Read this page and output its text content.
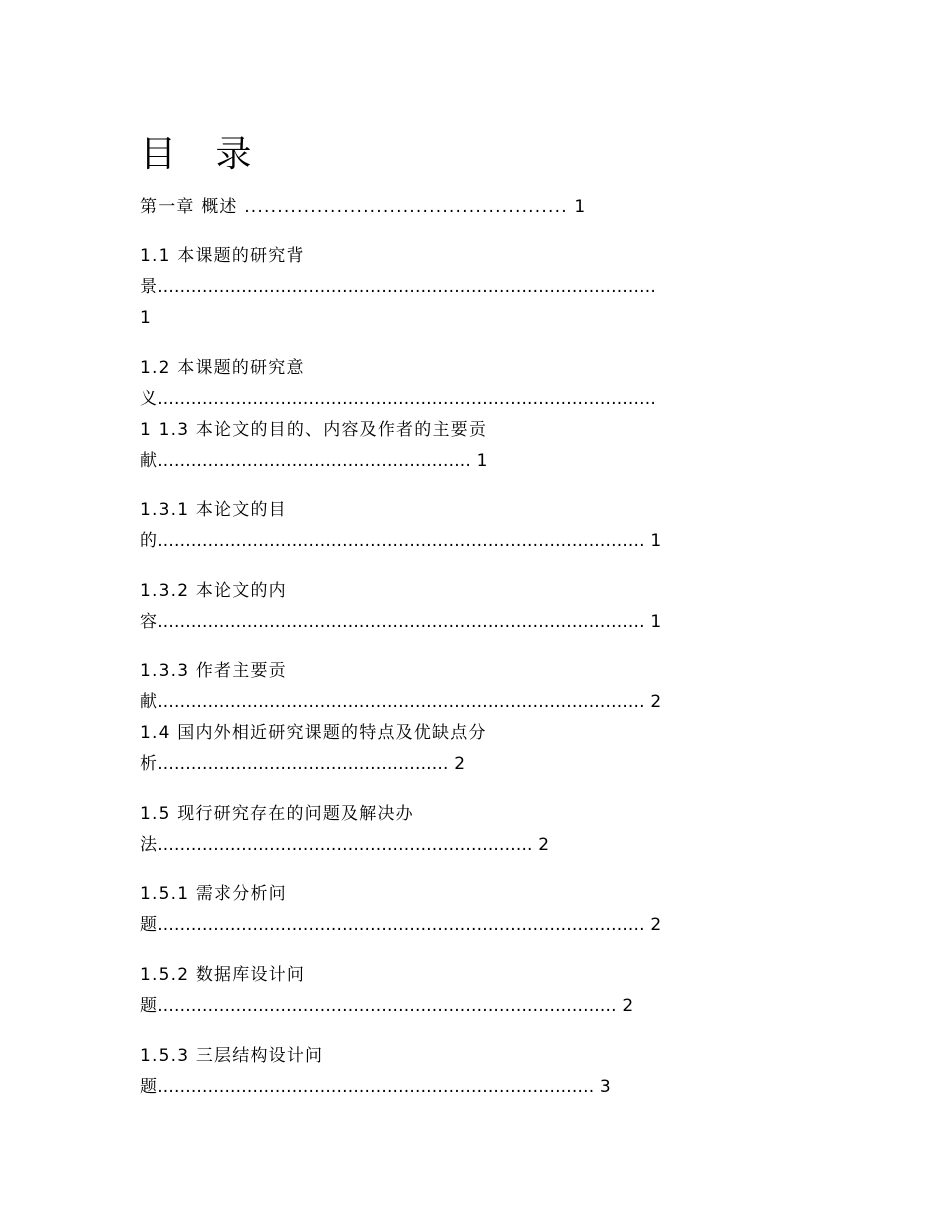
目 录
第一章 概述 ................................................. 1
1.1 本课题的研究背
景.........................................................................................
1
1.2 本课题的研究意
义.........................................................................................
1 1.3 本论文的目的、内容及作者的主要贡
献........................................................ 1
1.3.1 本论文的目
的....................................................................................... 1
1.3.2 本论文的内
容....................................................................................... 1
1.3.3 作者主要贡
献....................................................................................... 2
1.4 国内外相近研究课题的特点及优缺点分
析.................................................... 2
1.5 现行研究存在的问题及解决办
法................................................................... 2
1.5.1 需求分析问
题....................................................................................... 2
1.5.2 数据库设计问
题.................................................................................. 2
1.5.3 三层结构设计问
题.............................................................................. 3
